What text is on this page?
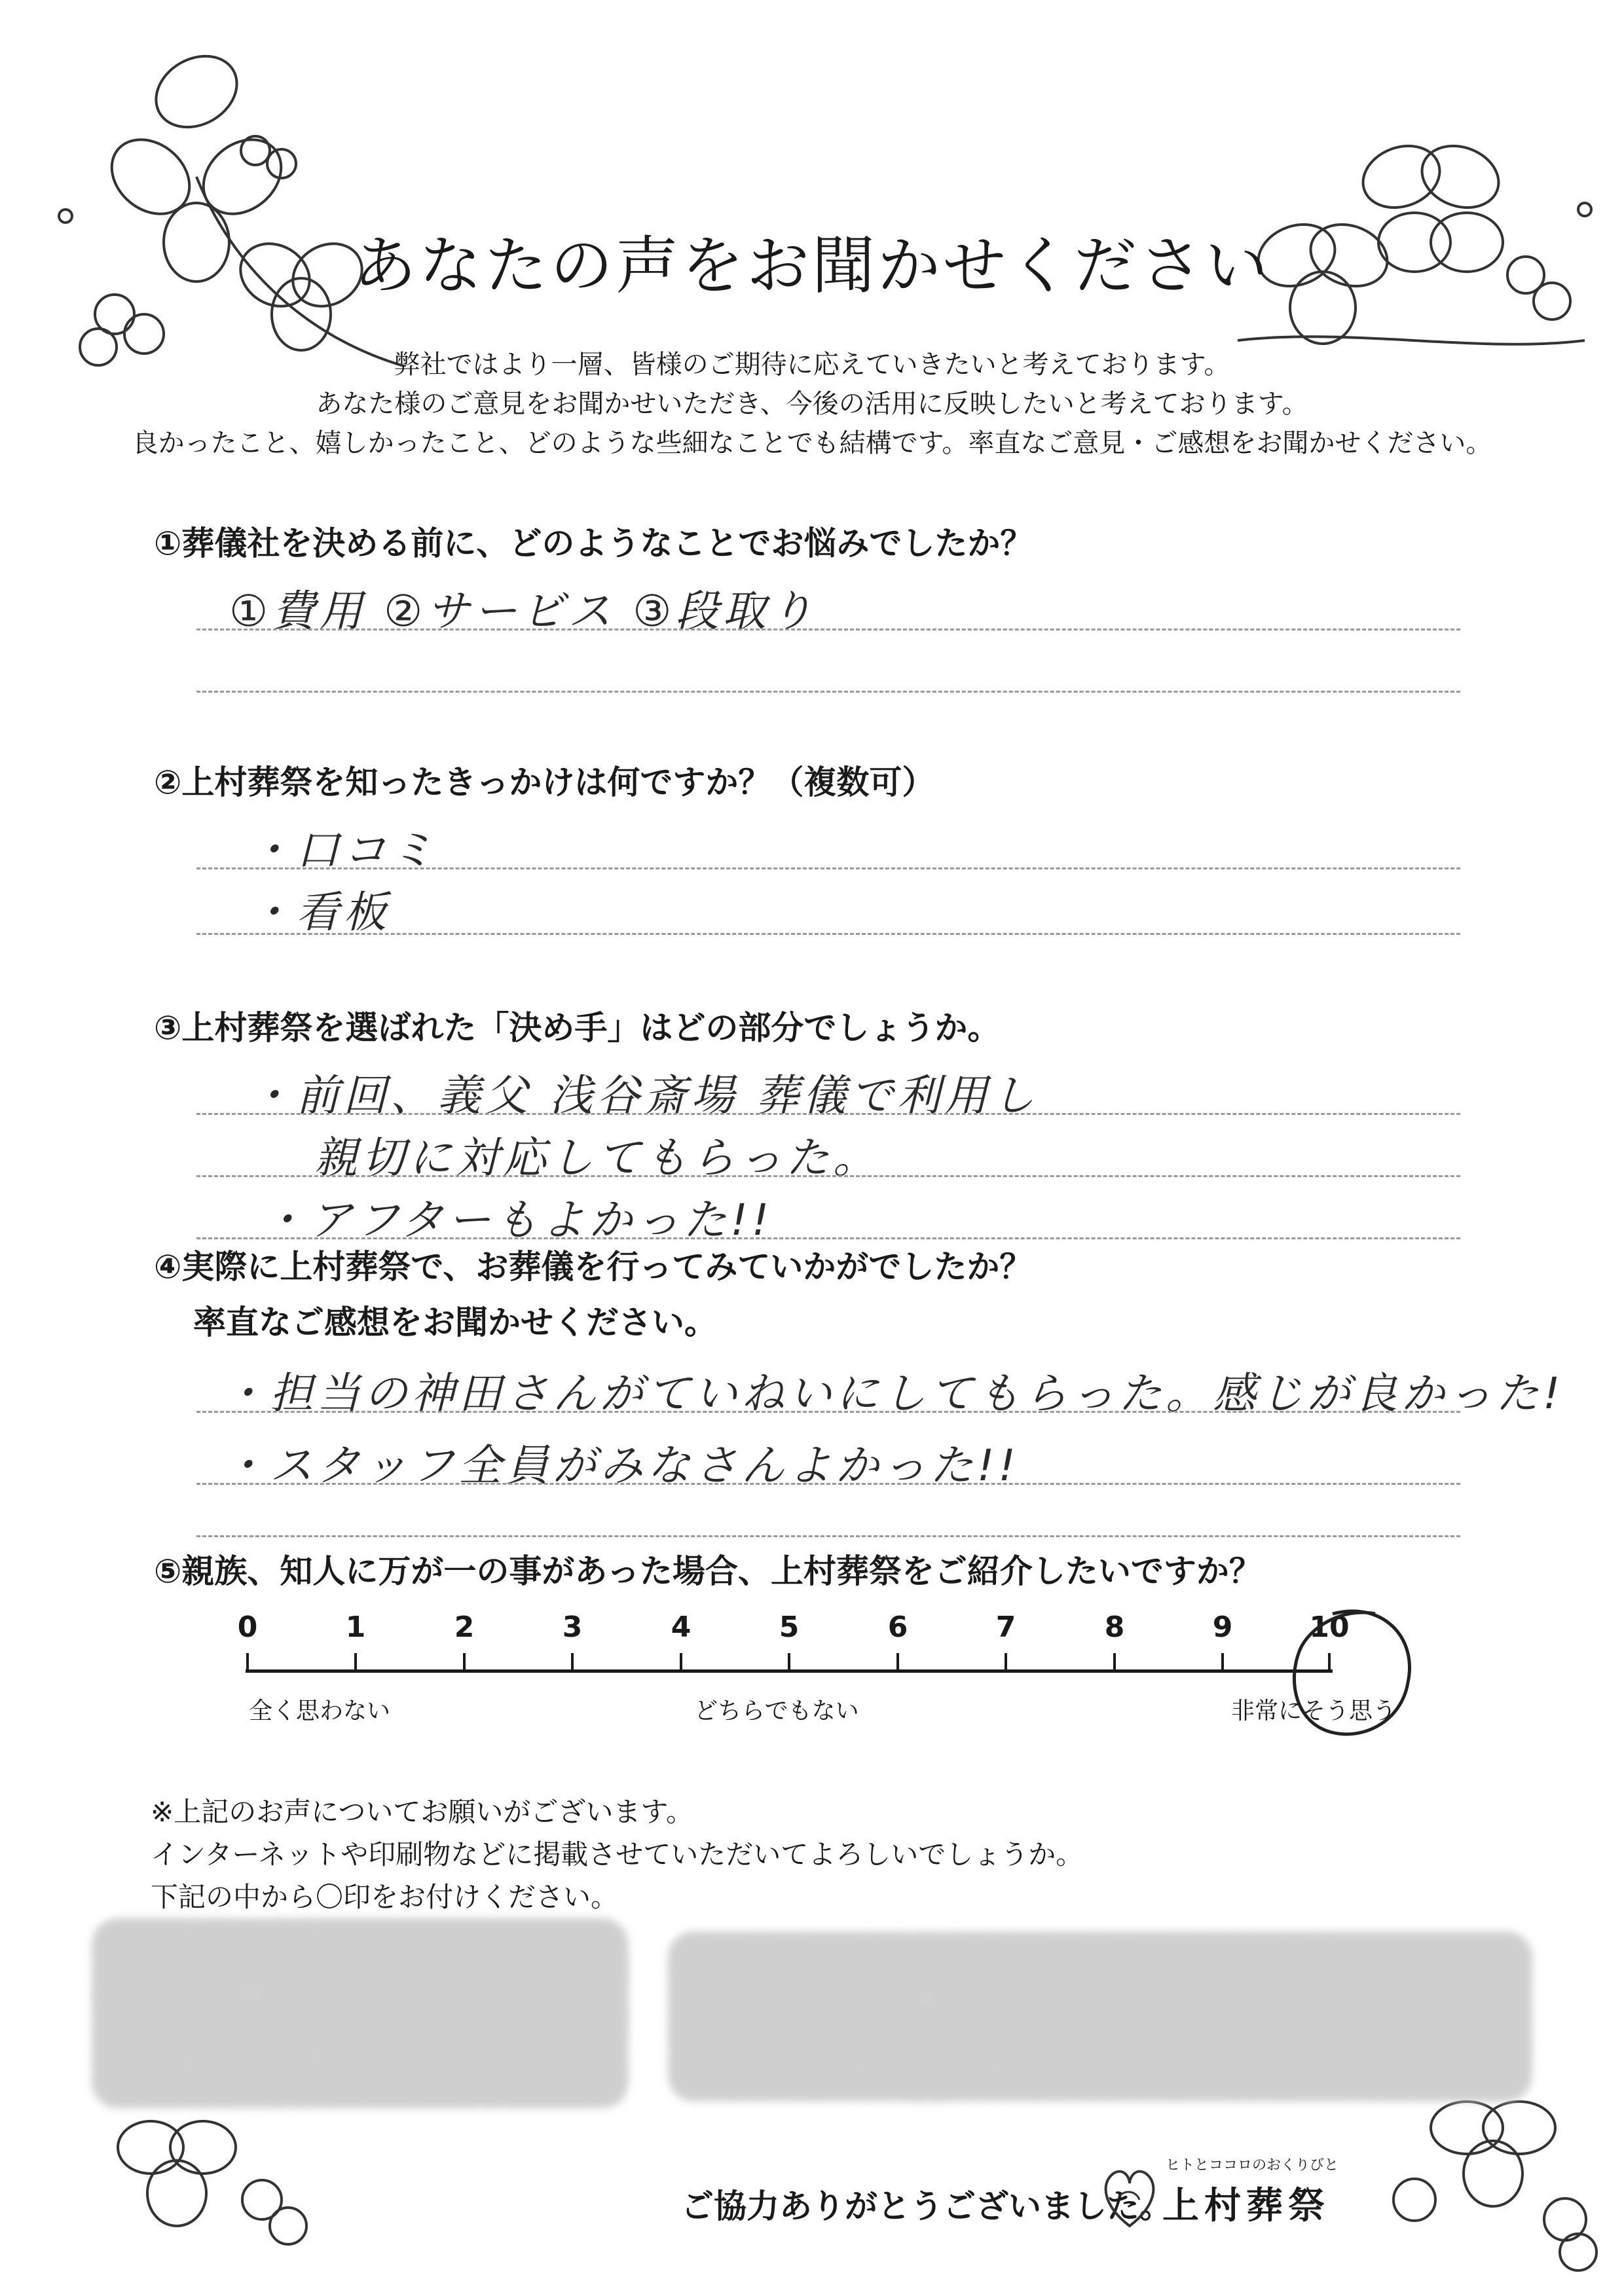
あなたの声をお聞かせください
弊社ではより一層、皆様のご期待に応えていきたいと考えております。
あなた様のご意見をお聞かせいただき、今後の活用に反映したいと考えております。
良かったこと、嬉しかったこと、どのような些細なことでも結構です。率直なご意見・ご感想をお聞かせください。
①葬儀社を決める前に、どのようなことでお悩みでしたか？
①費用 ②サービス ③段取り
②上村葬祭を知ったきっかけは何ですか？（複数可）
・口コミ
・看板
③上村葬祭を選ばれた「決め手」はどの部分でしょうか。
・前回、義父 浅谷斎場 葬儀で利用し
親切に対応してもらった。
・アフターもよかった!!
④実際に上村葬祭で、お葬儀を行ってみていかがでしたか？
率直なご感想をお聞かせください。
・担当の神田さんがていねいにしてもらった。感じが良かった!
・スタッフ全員がみなさんよかった!!
⑤親族、知人に万が一の事があった場合、上村葬祭をご紹介したいですか？
0	1	2	3	4	5	6	7	8	9	10
全く思わない	どちらでもない	非常にそう思う
※上記のお声についてお願いがございます。
インターネットや印刷物などに掲載させていただいてよろしいでしょうか。
下記の中から〇印をお付けください。
ご協力ありがとうございました。
ヒトとココロのおくりびと
上村葬祭
